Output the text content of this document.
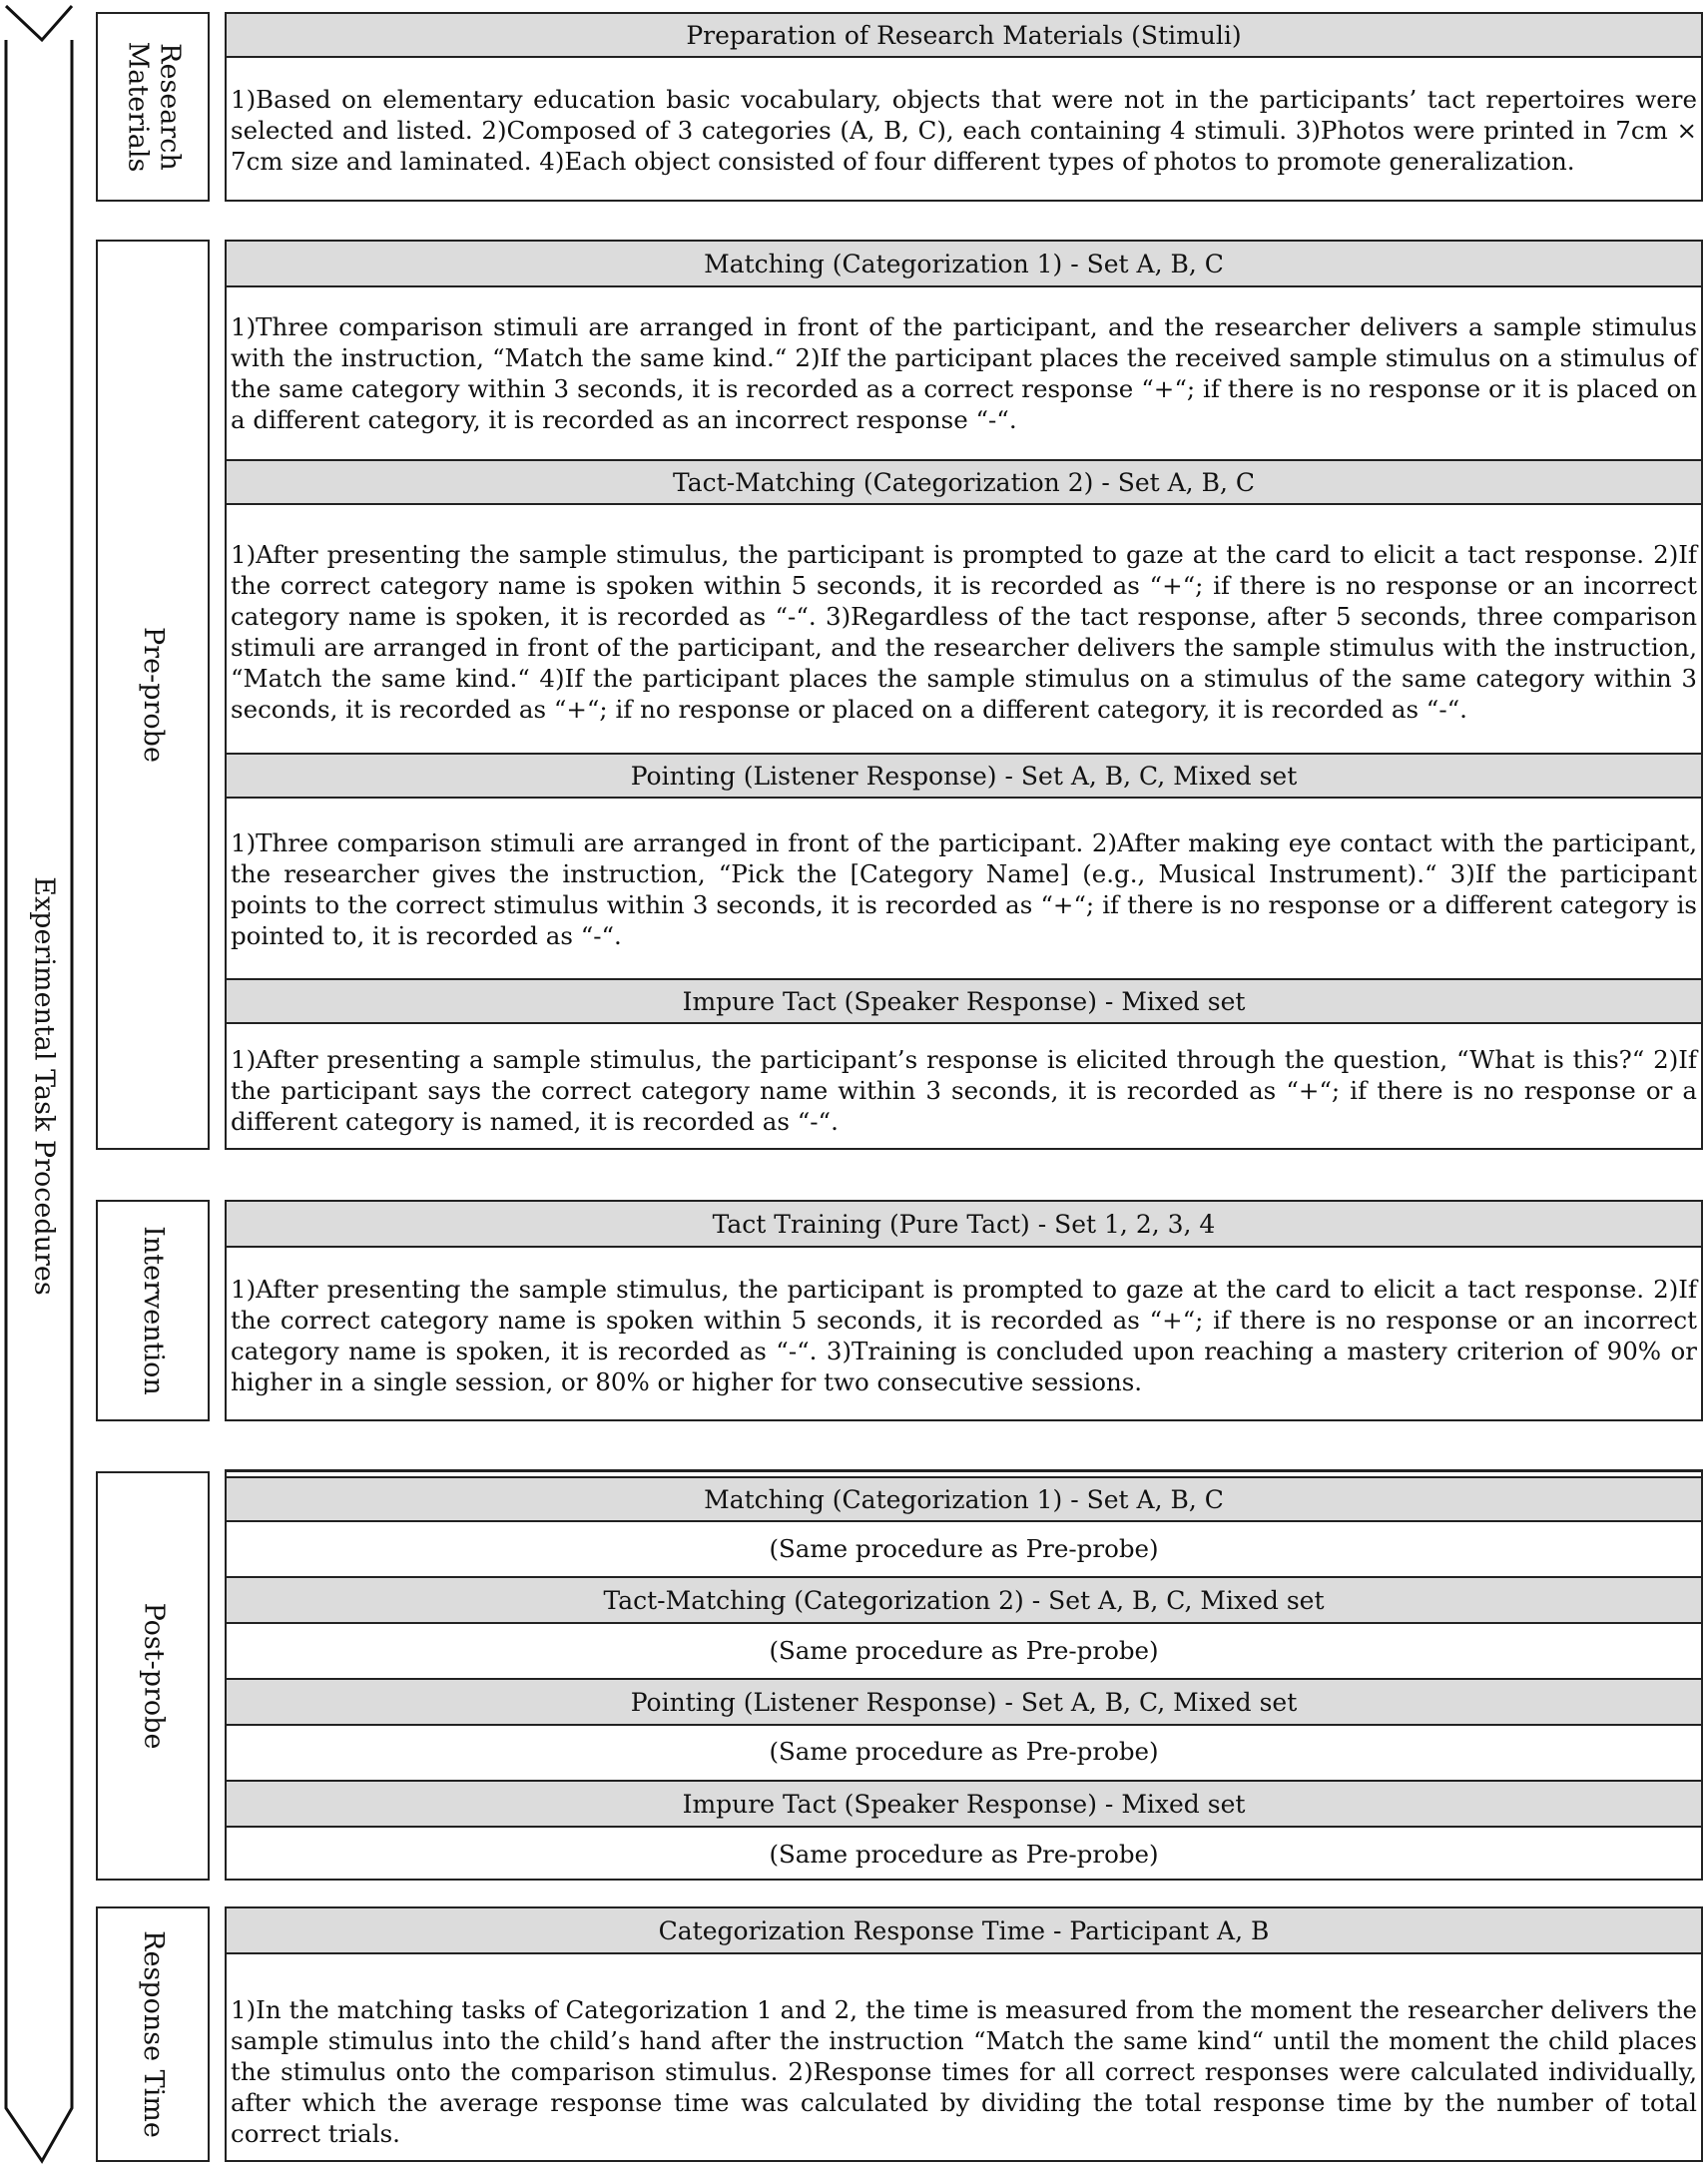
Experimental Task Procedures
Research Materials
Preparation of Research Materials (Stimuli)
1)Based on elementary education basic vocabulary, objects that were not in the participants’ tact repertoires were selected and listed. 2)Composed of 3 categories (A, B, C), each containing 4 stimuli. 3)Photos were printed in 7cm × 7cm size and laminated. 4)Each object consisted of four different types of photos to promote generalization.
Pre-probe
Matching (Categorization 1) - Set A, B, C
1)Three comparison stimuli are arranged in front of the participant, and the researcher delivers a sample stimulus with the instruction, “Match the same kind.“ 2)If the participant places the received sample stimulus on a stimulus of the same category within 3 seconds, it is recorded as a correct response “+“; if there is no response or it is placed on a different category, it is recorded as an incorrect response “-“.
Tact-Matching (Categorization 2) - Set A, B, C
1)After presenting the sample stimulus, the participant is prompted to gaze at the card to elicit a tact response. 2)If the correct category name is spoken within 5 seconds, it is recorded as “+“; if there is no response or an incorrect category name is spoken, it is recorded as “-“. 3)Regardless of the tact response, after 5 seconds, three comparison stimuli are arranged in front of the participant, and the researcher delivers the sample stimulus with the instruction, “Match the same kind.“ 4)If the participant places the sample stimulus on a stimulus of the same category within 3 seconds, it is recorded as “+“; if no response or placed on a different category, it is recorded as “-“.
Pointing (Listener Response) - Set A, B, C, Mixed set
1)Three comparison stimuli are arranged in front of the participant. 2)After making eye contact with the participant, the researcher gives the instruction, “Pick the [Category Name] (e.g., Musical Instrument).“ 3)If the participant points to the correct stimulus within 3 seconds, it is recorded as “+“; if there is no response or a different category is pointed to, it is recorded as “-“.
Impure Tact (Speaker Response) - Mixed set
1)After presenting a sample stimulus, the participant’s response is elicited through the question, “What is this?“ 2)If the participant says the correct category name within 3 seconds, it is recorded as “+“; if there is no response or a different category is named, it is recorded as “-“.
Intervention
Tact Training (Pure Tact) - Set 1, 2, 3, 4
1)After presenting the sample stimulus, the participant is prompted to gaze at the card to elicit a tact response. 2)If the correct category name is spoken within 5 seconds, it is recorded as “+“; if there is no response or an incorrect category name is spoken, it is recorded as “-“. 3)Training is concluded upon reaching a mastery criterion of 90% or higher in a single session, or 80% or higher for two consecutive sessions.
Post-probe
Matching (Categorization 1) - Set A, B, C
(Same procedure as Pre-probe)
Tact-Matching (Categorization 2) - Set A, B, C, Mixed set
(Same procedure as Pre-probe)
Pointing (Listener Response) - Set A, B, C, Mixed set
(Same procedure as Pre-probe)
Impure Tact (Speaker Response) - Mixed set
(Same procedure as Pre-probe)
Response Time
Categorization Response Time - Participant A, B
1)In the matching tasks of Categorization 1 and 2, the time is measured from the moment the researcher delivers the sample stimulus into the child’s hand after the instruction “Match the same kind“ until the moment the child places the stimulus onto the comparison stimulus. 2)Response times for all correct responses were calculated individually, after which the average response time was calculated by dividing the total response time by the number of total correct trials.
